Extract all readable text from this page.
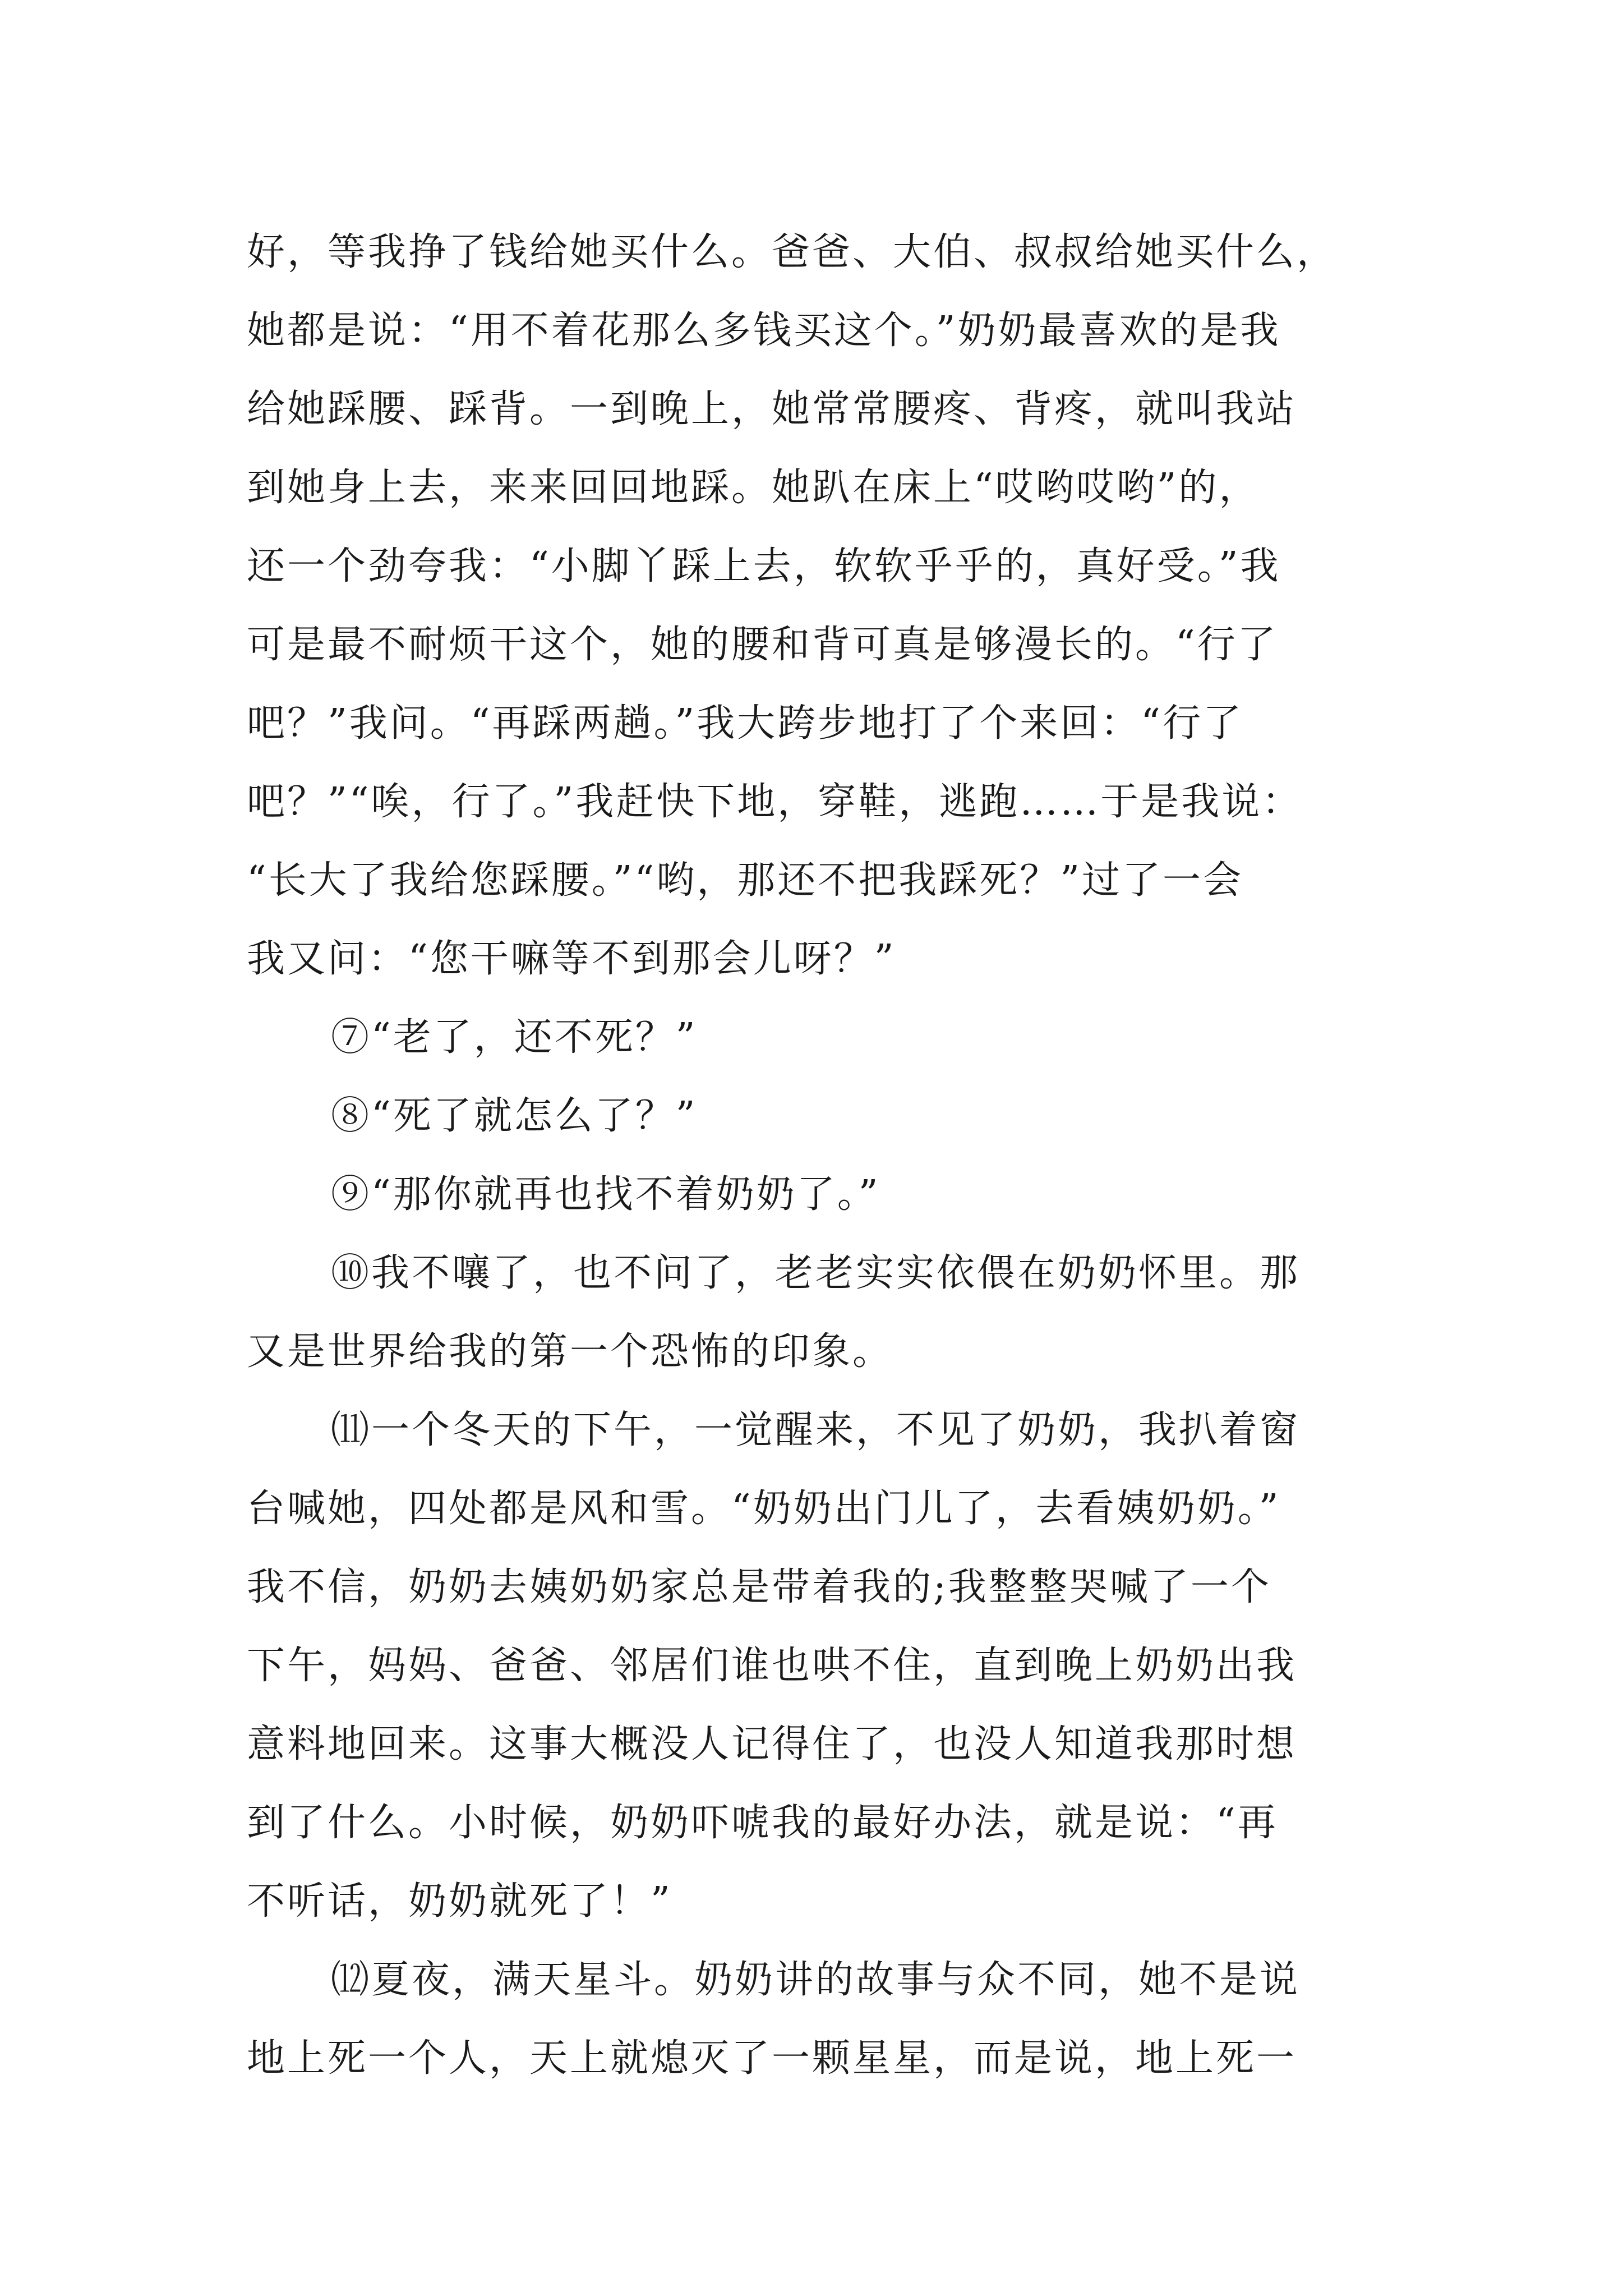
好，等我挣了钱给她买什么。爸爸、大伯、叔叔给她买什么，
她都是说：“用不着花那么多钱买这个。”奶奶最喜欢的是我
给她踩腰、踩背。一到晚上，她常常腰疼、背疼，就叫我站
到她身上去，来来回回地踩。她趴在床上“哎哟哎哟”的，
还一个劲夸我：“小脚丫踩上去，软软乎乎的，真好受。”我
可是最不耐烦干这个，她的腰和背可真是够漫长的。“行了
吧？”我问。“再踩两趟。”我大跨步地打了个来回：“行了
吧？”“唉，行了。”我赶快下地，穿鞋，逃跑……于是我说：
“长大了我给您踩腰。”“哟，那还不把我踩死？”过了一会
我又问：“您干嘛等不到那会儿呀？”
⑦“老了，还不死？”
⑧“死了就怎么了？”
⑨“那你就再也找不着奶奶了。”
⑩我不嚷了，也不问了，老老实实依偎在奶奶怀里。那
又是世界给我的第一个恐怖的印象。
⑾一个冬天的下午，一觉醒来，不见了奶奶，我扒着窗
台喊她，四处都是风和雪。“奶奶出门儿了，去看姨奶奶。”
我不信，奶奶去姨奶奶家总是带着我的;我整整哭喊了一个
下午，妈妈、爸爸、邻居们谁也哄不住，直到晚上奶奶出我
意料地回来。这事大概没人记得住了，也没人知道我那时想
到了什么。小时候，奶奶吓唬我的最好办法，就是说：“再
不听话，奶奶就死了！”
⑿夏夜，满天星斗。奶奶讲的故事与众不同，她不是说
地上死一个人，天上就熄灭了一颗星星，而是说，地上死一
